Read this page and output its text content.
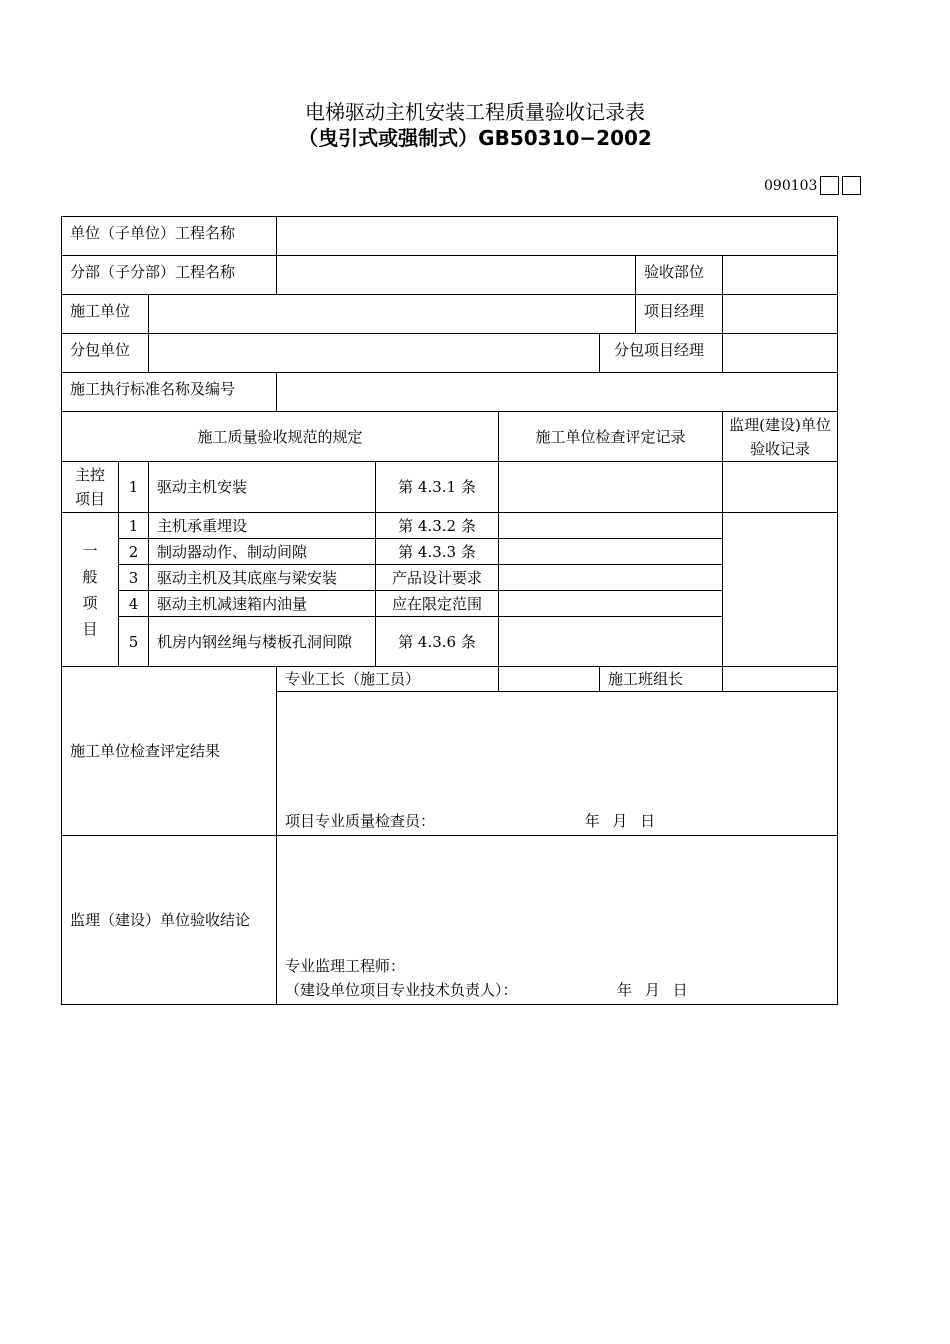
电梯驱动主机安装工程质量验收记录表
（曳引式或强制式）GB50310−2002
090103
单位（子单位）工程名称								
分部（子分部）工程名称							验收部位	
施工单位							项目经理	
分包单位						分包项目经理		
施工执行标准名称及编号								
施工质量验收规范的规定					施工单位检查评定记录			监理(建设)单位验收记录

主控项目	1	驱动主机安装		第 4.3.1 条				

一般项目	1	主机承重埋设		第 4.3.2 条				
	2	制动器动作、制动间隙		第 4.3.3 条				
	3	驱动主机及其底座与梁安装		产品设计要求				
	4	驱动主机减速箱内油量		应在限定范围				
	5	机房内钢丝绳与楼板孔洞间隙		第 4.3.6 条				
施工单位检查评定结果			专业工长（施工员）			施工班组长		
			项目专业质量检查员： 年 月 日					
监理（建设）单位验收结论			专业监理工程师：
（建设单位项目专业技术负责人）： 年 月 日					
